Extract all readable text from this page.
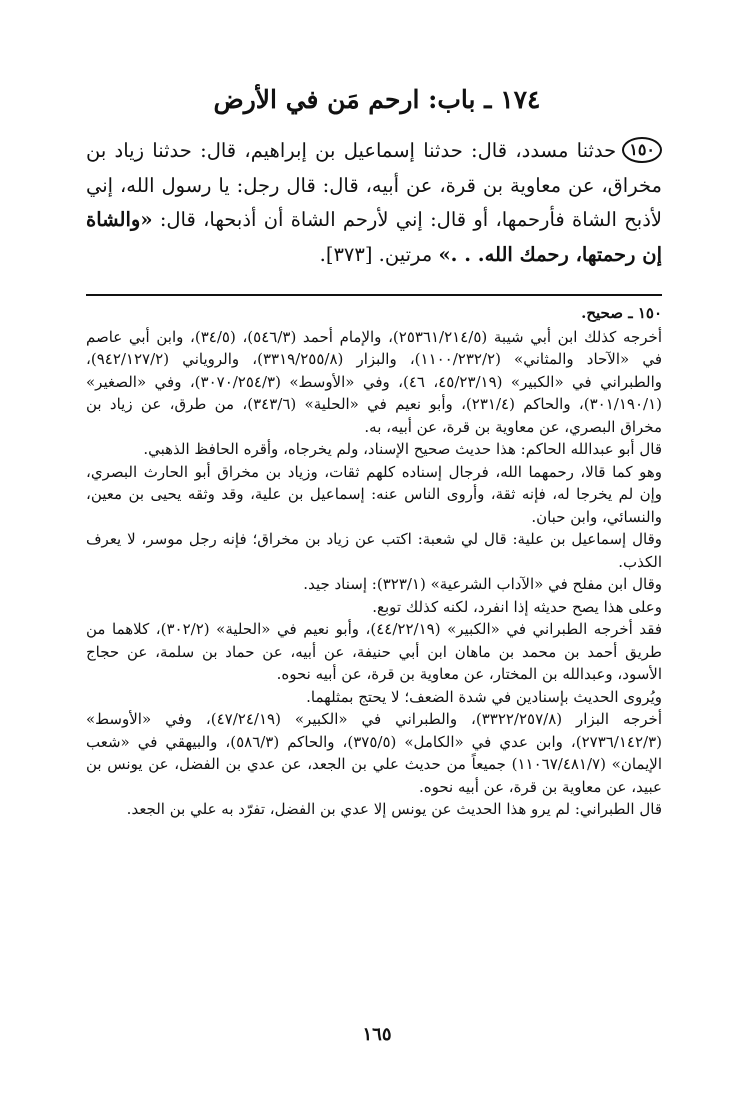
١٧٤ ـ باب: ارحم مَن في الأرض

١٥٠حدثنا مسدد، قال: حدثنا إسماعيل بن إبراهيم، قال: حدثنا زياد بن مخراق، عن معاوية بن قرة، عن أبيه، قال: قال رجل: يا رسول الله، إني لأذبح الشاة فأرحمها، أو قال: إني لأرحم الشاة أن أذبحها، قال: «والشاة إن رحمتها، رحمك الله. . .» مرتين. [٣٧٣].

١٥٠ ـ صحيح.

أخرجه كذلك ابن أبي شيبة (٢٥٣٦١/٢١٤/٥)، والإمام أحمد (٥٤٦/٣)، (٣٤/٥)، وابن أبي عاصم في «الآحاد والمثاني» (١١٠٠/٢٣٢/٢)، والبزار (٣٣١٩/٢٥٥/٨)، والروياني (٩٤٢/١٢٧/٢)، والطبراني في «الكبير» (٤٥/٢٣/١٩، ٤٦)، وفي «الأوسط» (٣٠٧٠/٢٥٤/٣)، وفي «الصغير» (٣٠١/١٩٠/١)، والحاكم (٢٣١/٤)، وأبو نعيم في «الحلية» (٣٤٣/٦)، من طرق، عن زياد بن مخراق البصري، عن معاوية بن قرة، عن أبيه، به.

قال أبو عبدالله الحاكم: هذا حديث صحيح الإسناد، ولم يخرجاه، وأقره الحافظ الذهبي.

وهو كما قالا، رحمهما الله، فرجال إسناده كلهم ثقات، وزياد بن مخراق أبو الحارث البصري، وإن لم يخرجا له، فإنه ثقة، وأروى الناس عنه: إسماعيل بن علية، وقد وثقه يحيى بن معين، والنسائي، وابن حبان.

وقال إسماعيل بن علية: قال لي شعبة: اكتب عن زياد بن مخراق؛ فإنه رجل موسر، لا يعرف الكذب.

وقال ابن مفلح في «الآداب الشرعية» (٣٢٣/١): إسناد جيد.

وعلى هذا يصح حديثه إذا انفرد، لكنه كذلك توبع.

فقد أخرجه الطبراني في «الكبير» (٤٤/٢٢/١٩)، وأبو نعيم في «الحلية» (٣٠٢/٢)، كلاهما من طريق أحمد بن محمد بن ماهان ابن أبي حنيفة، عن أبيه، عن حماد بن سلمة، عن حجاج الأسود، وعبدالله بن المختار، عن معاوية بن قرة، عن أبيه نحوه.

ويُروى الحديث بإسنادين في شدة الضعف؛ لا يحتج بمثلهما.

أخرجه البزار (٣٣٢٢/٢٥٧/٨)، والطبراني في «الكبير» (٤٧/٢٤/١٩)، وفي «الأوسط» (٢٧٣٦/١٤٢/٣)، وابن عدي في «الكامل» (٣٧٥/٥)، والحاكم (٥٨٦/٣)، والبيهقي في «شعب الإيمان» (١١٠٦٧/٤٨١/٧) جميعاً من حديث علي بن الجعد، عن عدي بن الفضل، عن يونس بن عبيد، عن معاوية بن قرة، عن أبيه نحوه.

قال الطبراني: لم يرو هذا الحديث عن يونس إلا عدي بن الفضل، تفرّد به علي بن الجعد.

١٦٥
